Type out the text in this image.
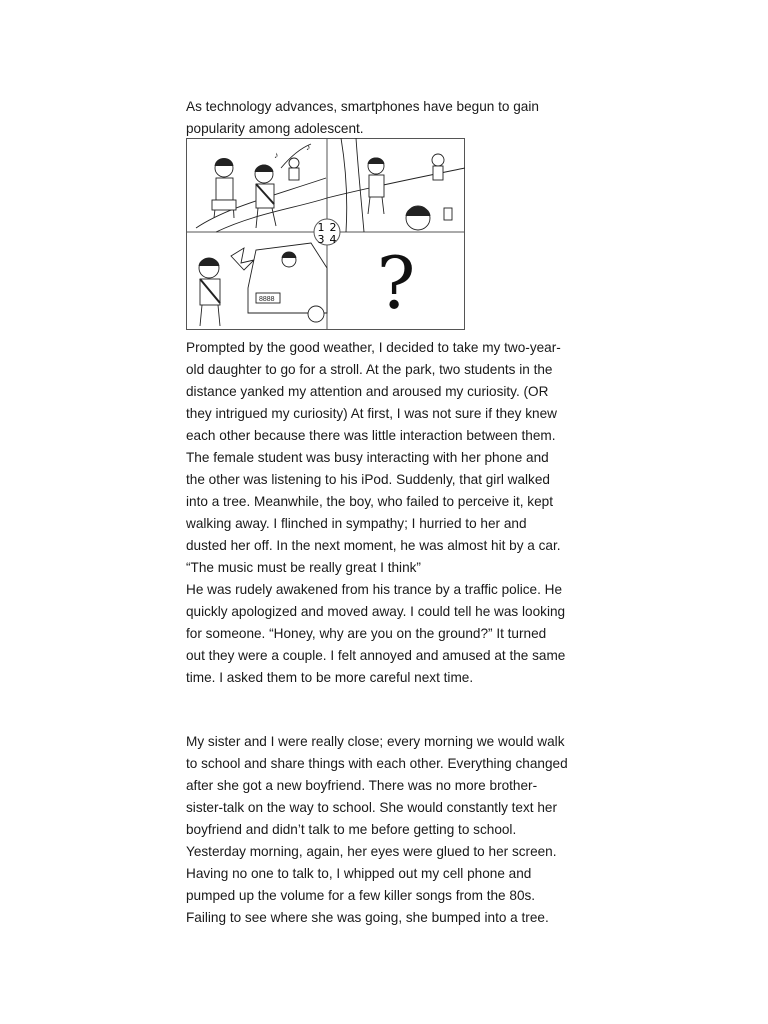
As technology advances, smartphones have begun to gain
popularity among adolescent.
♪
♪
8888 ?
1 2
3 4
Prompted by the good weather, I decided to take my two-year-
old daughter to go for a stroll. At the park, two students in the
distance yanked my attention and aroused my curiosity. (OR
they intrigued my curiosity) At first, I was not sure if they knew
each other because there was little interaction between them.
The female student was busy interacting with her phone and
the other was listening to his iPod. Suddenly, that girl walked
into a tree. Meanwhile, the boy, who failed to perceive it, kept
walking away. I flinched in sympathy; I hurried to her and
dusted her off. In the next moment, he was almost hit by a car.
“The music must be really great I think”
He was rudely awakened from his trance by a traffic police. He
quickly apologized and moved away. I could tell he was looking
for someone. “Honey, why are you on the ground?” It turned
out they were a couple. I felt annoyed and amused at the same
time. I asked them to be more careful next time.
My sister and I were really close; every morning we would walk
to school and share things with each other. Everything changed
after she got a new boyfriend. There was no more brother-
sister-talk on the way to school. She would constantly text her
boyfriend and didn’t talk to me before getting to school.
Yesterday morning, again, her eyes were glued to her screen.
Having no one to talk to, I whipped out my cell phone and
pumped up the volume for a few killer songs from the 80s.
Failing to see where she was going, she bumped into a tree.
